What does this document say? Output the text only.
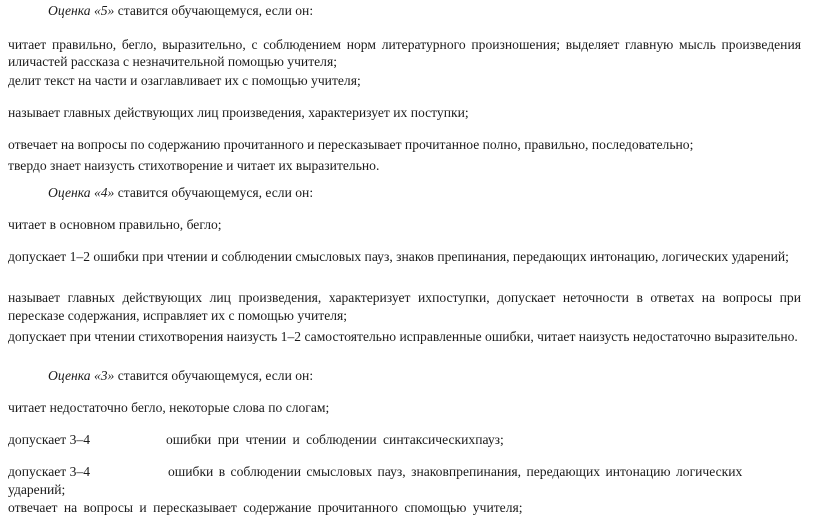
Оценка «5» ставится обучающемуся, если он:
читает правильно, бегло, выразительно, с соблюдением норм литературного произношения; выделяет главную мысль произведения иличастей рассказа с незначительной помощью учителя;
делит текст на части и озаглавливает их с помощью учителя;
называет главных действующих лиц произведения, характеризует их поступки;
отвечает на вопросы по содержанию прочитанного и пересказывает прочитанное полно, правильно, последовательно;
твердо знает наизусть стихотворение и читает их выразительно.
Оценка «4» ставится обучающемуся, если он:
читает в основном правильно, бегло;
допускает 1–2 ошибки при чтении и соблюдении смысловых пауз, знаков препинания, передающих интонацию, логических ударений;
называет главных действующих лиц произведения, характеризует ихпоступки, допускает неточности в ответах на вопросы при пересказе содержания, исправляет их с помощью учителя;
допускает при чтении стихотворения наизусть 1–2 самостоятельно исправленные ошибки, читает наизусть недостаточно выразительно.
Оценка «3» ставится обучающемуся, если он:
читает недостаточно бегло, некоторые слова по слогам;
допускает 3–4	ошибки при чтении и соблюдении синтаксическихпауз;
допускает 3–4	ошибки в соблюдении смысловых пауз, знаковпрепинания, передающих интонацию логических
ударений;
отвечает на вопросы и пересказывает содержание прочитанного спомощью учителя;
